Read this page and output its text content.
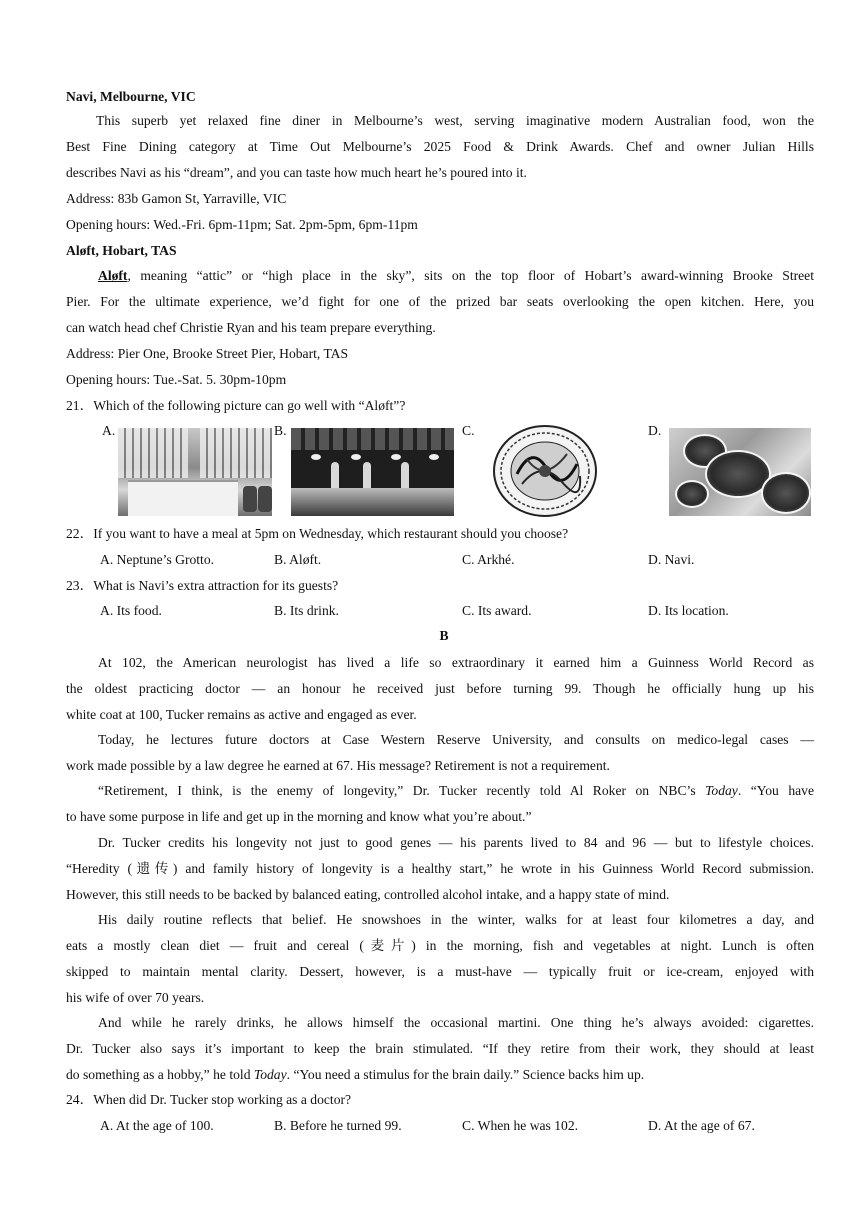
Navi, Melbourne, VIC
This superb yet relaxed fine diner in Melbourne’s west, serving imaginative modern Australian food, won the
Best Fine Dining category at Time Out Melbourne’s 2025 Food & Drink Awards. Chef and owner Julian Hills
describes Navi as his “dream”, and you can taste how much heart he’s poured into it.
Address: 83b Gamon St, Yarraville, VIC
Opening hours: Wed.-Fri. 6pm-11pm; Sat. 2pm-5pm, 6pm-11pm
Aløft, Hobart, TAS
Aløft, meaning “attic” or “high place in the sky”, sits on the top floor of Hobart’s award-winning Brooke Street
Pier. For the ultimate experience, we’d fight for one of the prized bar seats overlooking the open kitchen. Here, you
can watch head chef Christie Ryan and his team prepare everything.
Address: Pier One, Brooke Street Pier, Hobart, TAS
Opening hours: Tue.-Sat. 5. 30pm-10pm
21．Which of the following picture can go well with “Aløft”?
A.	B.	C.	D.
22．If you want to have a meal at 5pm on Wednesday, which restaurant should you choose?
A. Neptune’s Grotto.	B. Aløft.	C. Arkhé.	D. Navi.
23．What is Navi’s extra attraction for its guests?
A. Its food.	B. Its drink.	C. Its award.	D. Its location.
B
At 102, the American neurologist has lived a life so extraordinary it earned him a Guinness World Record as
the oldest practicing doctor — an honour he received just before turning 99. Though he officially hung up his
white coat at 100, Tucker remains as active and engaged as ever.
Today, he lectures future doctors at Case Western Reserve University, and consults on medico-legal cases —
work made possible by a law degree he earned at 67. His message? Retirement is not a requirement.
“Retirement, I think, is the enemy of longevity,” Dr. Tucker recently told Al Roker on NBC’s Today. “You have
to have some purpose in life and get up in the morning and know what you’re about.”
Dr. Tucker credits his longevity not just to good genes — his parents lived to 84 and 96 — but to lifestyle choices.
“Heredity (遗传) and family history of longevity is a healthy start,” he wrote in his Guinness World Record submission.
However, this still needs to be backed by balanced eating, controlled alcohol intake, and a happy state of mind.
His daily routine reflects that belief. He snowshoes in the winter, walks for at least four kilometres a day, and
eats a mostly clean diet — fruit and cereal (麦片) in the morning, fish and vegetables at night. Lunch is often
skipped to maintain mental clarity. Dessert, however, is a must-have — typically fruit or ice-cream, enjoyed with
his wife of over 70 years.
And while he rarely drinks, he allows himself the occasional martini. One thing he’s always avoided: cigarettes.
Dr. Tucker also says it’s important to keep the brain stimulated. “If they retire from their work, they should at least
do something as a hobby,” he told Today. “You need a stimulus for the brain daily.” Science backs him up.
24．When did Dr. Tucker stop working as a doctor?
A. At the age of 100.	B. Before he turned 99.	C. When he was 102.	D. At the age of 67.
